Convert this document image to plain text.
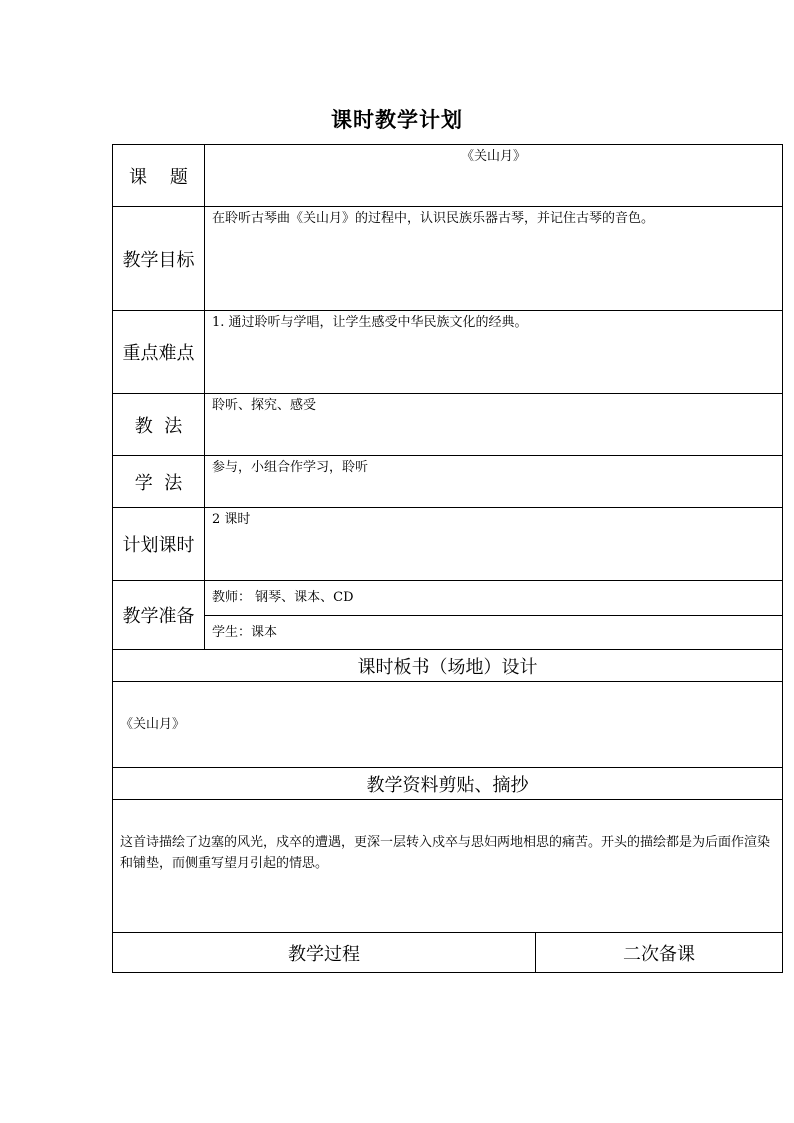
课时教学计划
课    题	《关山月》	

教学目标	在聆听古琴曲《关山月》的过程中，认识民族乐器古琴，并记住古琴的音色。	

重点难点	1. 通过聆听与学唱，让学生感受中华民族文化的经典。	

教  法	聆听、探究、感受	

学  法	参与，小组合作学习，聆听	

计划课时	2 课时	

教学准备	教师： 钢琴、课本、CD	

	学生：课本	

课时板书（场地）设计		

《关山月》		

教学资料剪贴、摘抄		

这首诗描绘了边塞的风光，戍卒的遭遇，更深一层转入戍卒与思妇两地相思的痛苦。开头的描绘都是为后面作渲染和铺垫，而侧重写望月引起的情思。		

教学过程		二次备课
